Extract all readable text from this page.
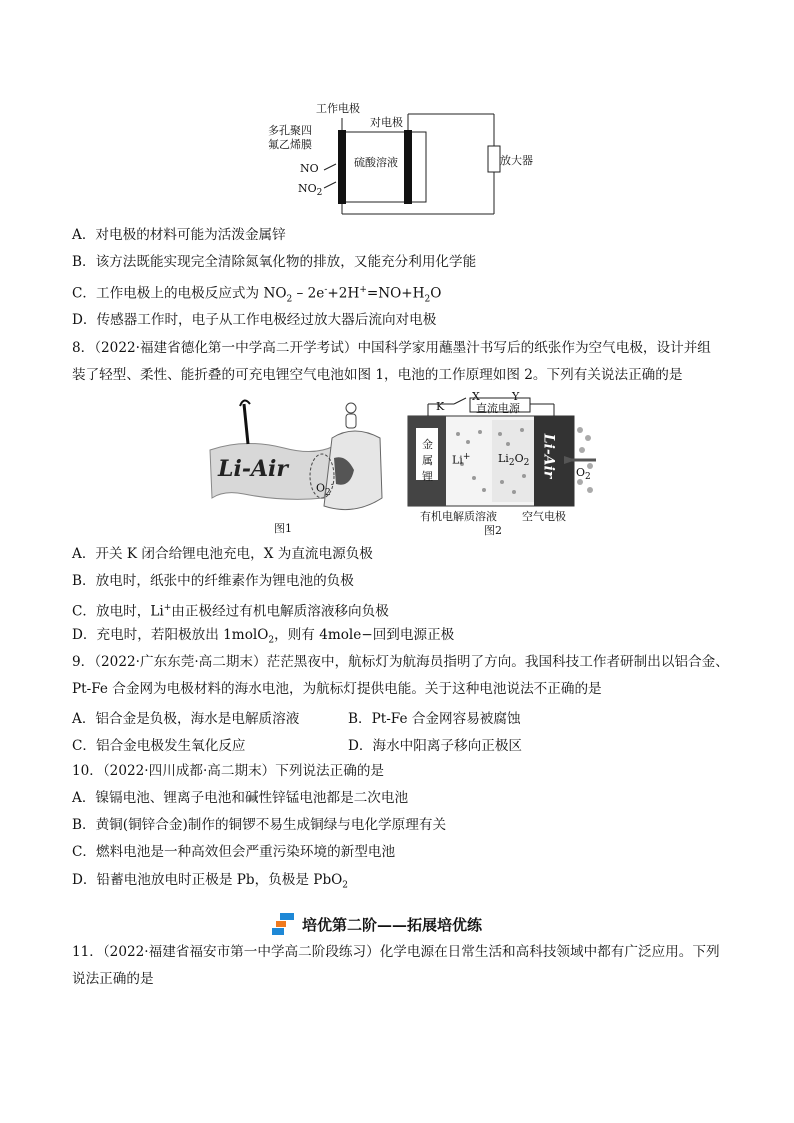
工作电极
多孔聚四
氟乙烯膜
对电极
硫酸溶液	放大器
NO
$NO_2$
A．对电极的材料可能为活泼金属锌
B．该方法既能实现完全清除氮氧化物的排放，又能充分利用化学能
C．工作电极上的电极反应式为 $NO_2 - 2e^-+2H^+=NO+H_2O$
D．传感器工作时，电子从工作电极经过放大器后流向对电极
8．（2022·福建省德化第一中学高二开学考试）中国科学家用蘸墨汁书写后的纸张作为空气电极，设计并组
装了轻型、柔性、能折叠的可充电锂空气电池如图 1，电池的工作原理如图 2。下列有关说法正确的是
Li-Air
$O_2^-$
图1
K
X	Y
直流电源
金
属
锂
Li+	$Li_2O_2$ Li-Air $O_2$
有机电解质溶液 空气电极
图2
A．开关 K 闭合给锂电池充电，X 为直流电源负极
B．放电时，纸张中的纤维素作为锂电池的负极
C．放电时，Li+由正极经过有机电解质溶液移向负极
D．充电时，若阳极放出 1molO$_2$，则有 4mole−回到电源正极
9．（2022·广东东莞·高二期末）茫茫黑夜中，航标灯为航海员指明了方向。我国科技工作者研制出以铝合金、
Pt-Fe 合金网为电极材料的海水电池，为航标灯提供电能。关于这种电池说法不正确的是
A．铝合金是负极，海水是电解质溶液	B．Pt-Fe 合金网容易被腐蚀
C．铝合金电极发生氧化反应	D．海水中阳离子移向正极区
10．（2022·四川成都·高二期末）下列说法正确的是
A．镍镉电池、锂离子电池和碱性锌锰电池都是二次电池
B．黄铜(铜锌合金)制作的铜锣不易生成铜绿与电化学原理有关
C．燃料电池是一种高效但会严重污染环境的新型电池
D．铅蓄电池放电时正极是 Pb，负极是 PbO$_2$
培优第二阶——拓展培优练
11．（2022·福建省福安市第一中学高二阶段练习）化学电源在日常生活和高科技领域中都有广泛应用。下列
说法正确的是
